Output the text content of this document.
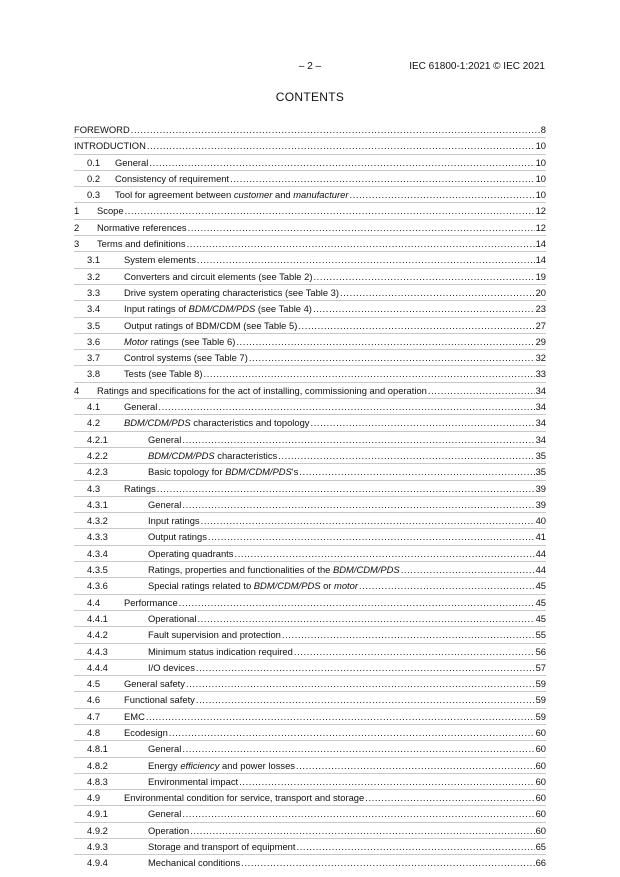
– 2 –	IEC 61800-1:2021 © IEC 2021
CONTENTS
FOREWORD .....	8
INTRODUCTION .....	10
0.1 General .....	10
0.2 Consistency of requirement .....	10
0.3 Tool for agreement between customer and manufacturer .....	10
1 Scope .....	12
2 Normative references .....	12
3 Terms and definitions .....	14
3.1	System elements .....	14
3.2	Converters and circuit elements (see Table 2) .....	19
3.3	Drive system operating characteristics (see Table 3) .....	20
3.4	Input ratings of BDM/CDM/PDS (see Table 4) .....	23
3.5	Output ratings of BDM/CDM (see Table 5) .....	27
3.6	Motor ratings (see Table 6) .....	29
3.7	Control systems (see Table 7) .....	32
3.8	Tests (see Table 8) .....	33
4 Ratings and specifications for the act of installing, commissioning and operation .....	34
4.1	General .....	34
4.2	BDM/CDM/PDS characteristics and topology .....	34
4.2.1	General .....	34
4.2.2	BDM/CDM/PDS characteristics .....	35
4.2.3	Basic topology for BDM/CDM/PDS's .....	35
4.3	Ratings .....	39
4.3.1	General .....	39
4.3.2	Input ratings .....	40
4.3.3	Output ratings .....	41
4.3.4	Operating quadrants .....	44
4.3.5	Ratings, properties and functionalities of the BDM/CDM/PDS .....	44
4.3.6	Special ratings related to BDM/CDM/PDS or motor .....	45
4.4	Performance .....	45
4.4.1	Operational .....	45
4.4.2	Fault supervision and protection .....	55
4.4.3	Minimum status indication required .....	56
4.4.4	I/O devices .....	57
4.5	General safety .....	59
4.6	Functional safety .....	59
4.7	EMC .....	59
4.8	Ecodesign .....	60
4.8.1	General .....	60
4.8.2	Energy efficiency and power losses .....	60
4.8.3	Environmental impact .....	60
4.9	Environmental condition for service, transport and storage .....	60
4.9.1	General .....	60
4.9.2	Operation .....	60
4.9.3	Storage and transport of equipment .....	65
4.9.4	Mechanical conditions .....	66
